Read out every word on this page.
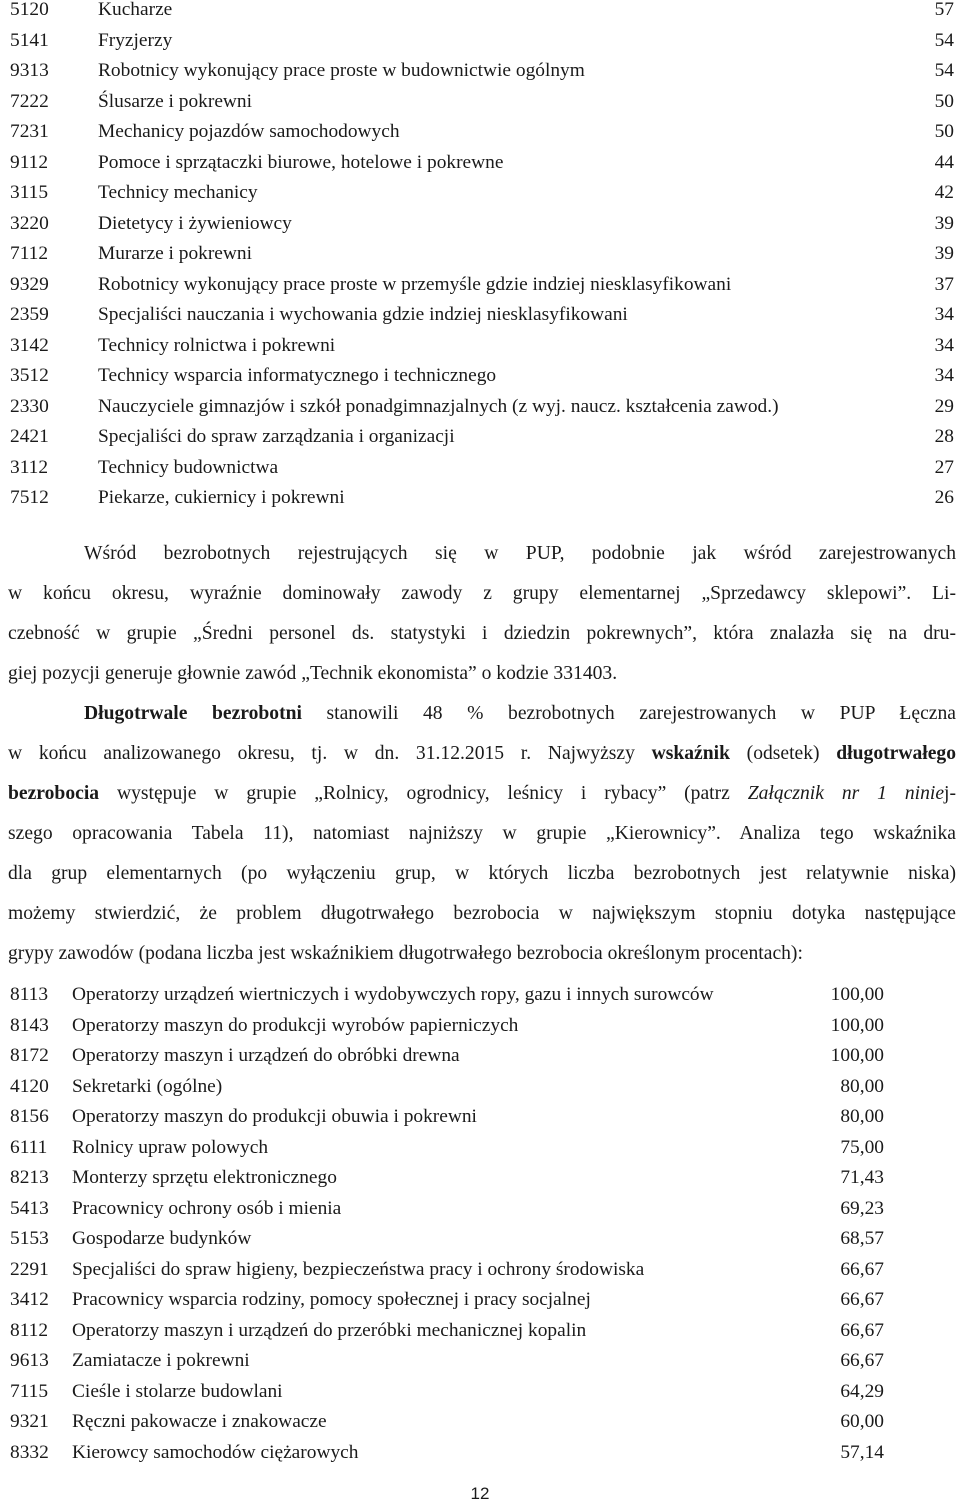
5120	Kucharze	57
5141	Fryzjerzy	54
9313	Robotnicy wykonujący prace proste w budownictwie ogólnym	54
7222	Ślusarze i pokrewni	50
7231	Mechanicy pojazdów samochodowych	50
9112	Pomoce i sprzątaczki biurowe, hotelowe i pokrewne	44
3115	Technicy mechanicy	42
3220	Dietetycy i żywieniowcy	39
7112	Murarze i pokrewni	39
9329	Robotnicy wykonujący prace proste w przemyśle gdzie indziej niesklasyfikowani	37
2359	Specjaliści nauczania i wychowania gdzie indziej niesklasyfikowani	34
3142	Technicy rolnictwa i pokrewni	34
3512	Technicy wsparcia informatycznego i technicznego	34
2330	Nauczyciele gimnazjów i szkół ponadgimnazjalnych (z wyj. naucz. kształcenia zawod.)	29
2421	Specjaliści do spraw zarządzania i organizacji	28
3112	Technicy budownictwa	27
7512	Piekarze, cukiernicy i pokrewni	26
Wśród bezrobotnych rejestrujących się w PUP, podobnie jak wśród zarejestrowanych
w końcu okresu, wyraźnie dominowały zawody z grupy elementarnej „Sprzedawcy sklepowi”. Li-
czebność w grupie „Średni personel ds. statystyki i dziedzin pokrewnych”, która znalazła się na dru-
giej pozycji generuje głownie zawód „Technik ekonomista” o kodzie 331403.
Długotrwale bezrobotni stanowili 48 % bezrobotnych zarejestrowanych w PUP Łęczna
w końcu analizowanego okresu, tj. w dn. 31.12.2015 r. Najwyższy wskaźnik (odsetek) długotrwałego
bezrobocia występuje w grupie „Rolnicy, ogrodnicy, leśnicy i rybacy” (patrz Załącznik nr 1 niniej-
szego opracowania Tabela 11), natomiast najniższy w grupie „Kierownicy”. Analiza tego wskaźnika
dla grup elementarnych (po wyłączeniu grup, w których liczba bezrobotnych jest relatywnie niska)
możemy stwierdzić, że problem długotrwałego bezrobocia w największym stopniu dotyka następujące
grypy zawodów (podana liczba jest wskaźnikiem długotrwałego bezrobocia określonym procentach):
8113	Operatorzy urządzeń wiertniczych i wydobywczych ropy, gazu i innych surowców	100,00
8143	Operatorzy maszyn do produkcji wyrobów papierniczych	100,00
8172	Operatorzy maszyn i urządzeń do obróbki drewna	100,00
4120	Sekretarki (ogólne)	80,00
8156	Operatorzy maszyn do produkcji obuwia i pokrewni	80,00
6111	Rolnicy upraw polowych	75,00
8213	Monterzy sprzętu elektronicznego	71,43
5413	Pracownicy ochrony osób i mienia	69,23
5153	Gospodarze budynków	68,57
2291	Specjaliści do spraw higieny, bezpieczeństwa pracy i ochrony środowiska	66,67
3412	Pracownicy wsparcia rodziny, pomocy społecznej i pracy socjalnej	66,67
8112	Operatorzy maszyn i urządzeń do przeróbki mechanicznej kopalin	66,67
9613	Zamiatacze i pokrewni	66,67
7115	Cieśle i stolarze budowlani	64,29
9321	Ręczni pakowacze i znakowacze	60,00
8332	Kierowcy samochodów ciężarowych	57,14
12
